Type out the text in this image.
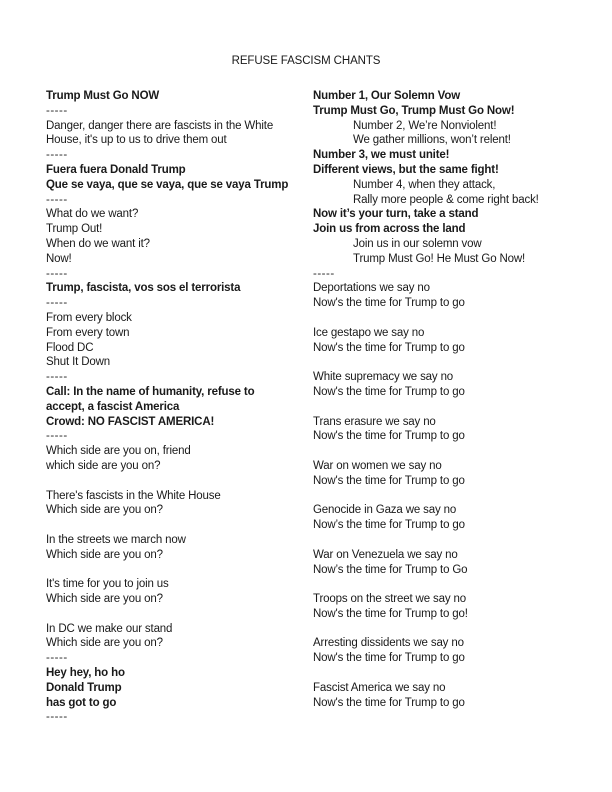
REFUSE FASCISM CHANTS
Trump Must Go NOW
-----
Danger, danger there are fascists in the White
House, it's up to us to drive them out
-----
Fuera fuera Donald Trump
Que se vaya, que se vaya, que se vaya Trump
-----
What do we want?
Trump Out!
When do we want it?
Now!
-----
Trump, fascista, vos sos el terrorista
-----
From every block
From every town
Flood DC
Shut It Down
-----
Call: In the name of humanity, refuse to
accept, a fascist America
Crowd: NO FASCIST AMERICA!
-----
Which side are you on, friend
which side are you on?

There's fascists in the White House
Which side are you on?

In the streets we march now
Which side are you on?

It's time for you to join us
Which side are you on?

In DC we make our stand
Which side are you on?
-----
Hey hey, ho ho
Donald Trump
has got to go
-----
Number 1, Our Solemn Vow
Trump Must Go, Trump Must Go Now!
Number 2, We’re Nonviolent!
We gather millions, won’t relent!
Number 3, we must unite!
Different views, but the same fight!
Number 4, when they attack,
Rally more people & come right back!
Now it’s your turn, take a stand
Join us from across the land
Join us in our solemn vow
Trump Must Go! He Must Go Now!
-----
Deportations we say no
Now's the time for Trump to go

Ice gestapo we say no
Now's the time for Trump to go

White supremacy we say no
Now's the time for Trump to go

Trans erasure we say no
Now's the time for Trump to go

War on women we say no
Now's the time for Trump to go

Genocide in Gaza we say no
Now’s the time for Trump to go

War on Venezuela we say no
Now’s the time for Trump to Go

Troops on the street we say no
Now's the time for Trump to go!

Arresting dissidents we say no
Now's the time for Trump to go

Fascist America we say no
Now's the time for Trump to go
